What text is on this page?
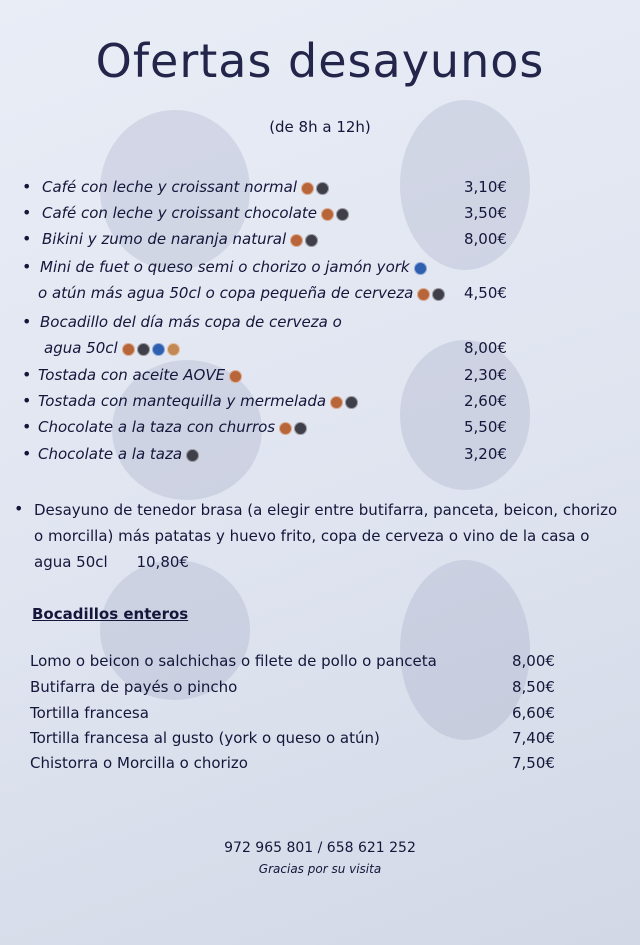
Ofertas desayunos
(de 8h a 12h)
• Café con leche y croissant normal	3,10€
• Café con leche y croissant chocolate	3,50€
• Bikini y zumo de naranja natural	8,00€
• Mini de fuet o queso semi o chorizo o jamón york
o atún más agua 50cl o copa pequeña de cerveza	4,50€
• Bocadillo del día más copa de cerveza o
agua 50cl	8,00€
• Tostada con aceite AOVE	2,30€
• Tostada con mantequilla y mermelada	2,60€
• Chocolate a la taza con churros	5,50€
• Chocolate a la taza	3,20€
• Desayuno de tenedor brasa (a elegir entre butifarra, panceta, beicon, chorizo o morcilla) más patatas y huevo frito, copa de cerveza o vino de la casa o agua 50cl 10,80€
Bocadillos enteros
Lomo o beicon o salchichas o filete de pollo o panceta	8,00€
Butifarra de payés o pincho	8,50€
Tortilla francesa	6,60€
Tortilla francesa al gusto (york o queso o atún)	7,40€
Chistorra o Morcilla o chorizo	7,50€
972 965 801 / 658 621 252
Gracias por su visita
